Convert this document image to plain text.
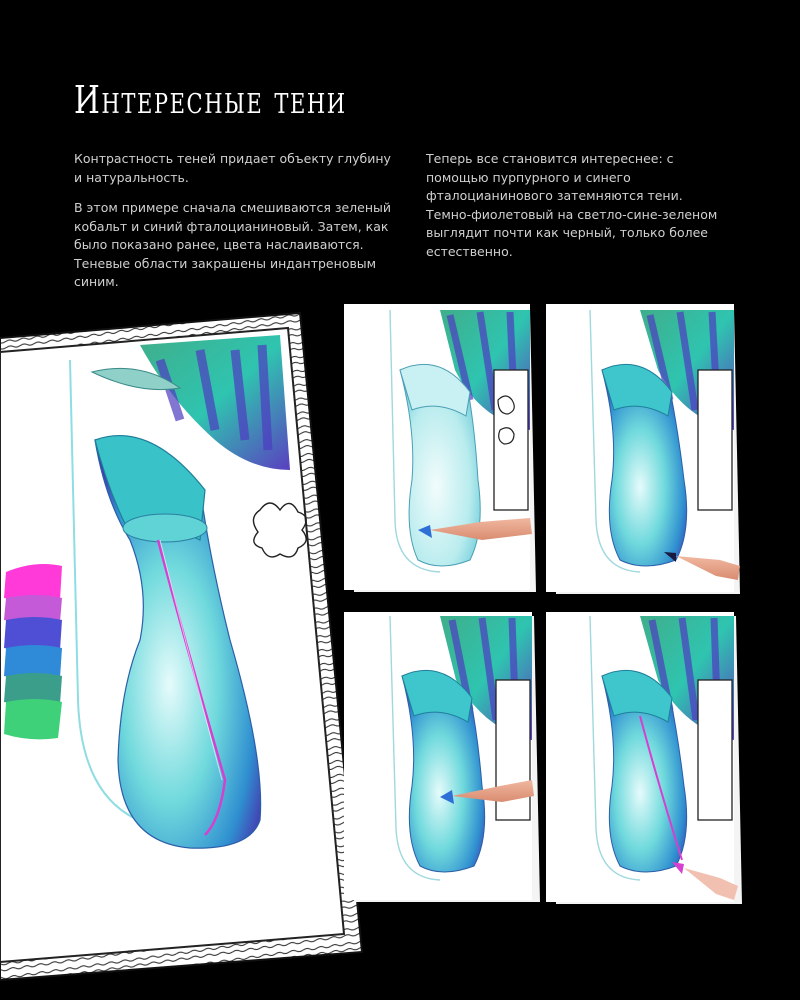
Интересные тени

Контрастность теней придает объекту глубину и натуральность.

В этом примере сначала смешиваются зеленый кобальт и синий фталоцианиновый. Затем, как было показано ранее, цвета наслаиваются. Теневые области закрашены индантреновым синим.

Теперь все становится интереснее: с помощью пурпурного и синего фталоцианинового затемняются тени. Темно-фиолетовый на светло-сине-зеленом выглядит почти как черный, только более естественно.

14
